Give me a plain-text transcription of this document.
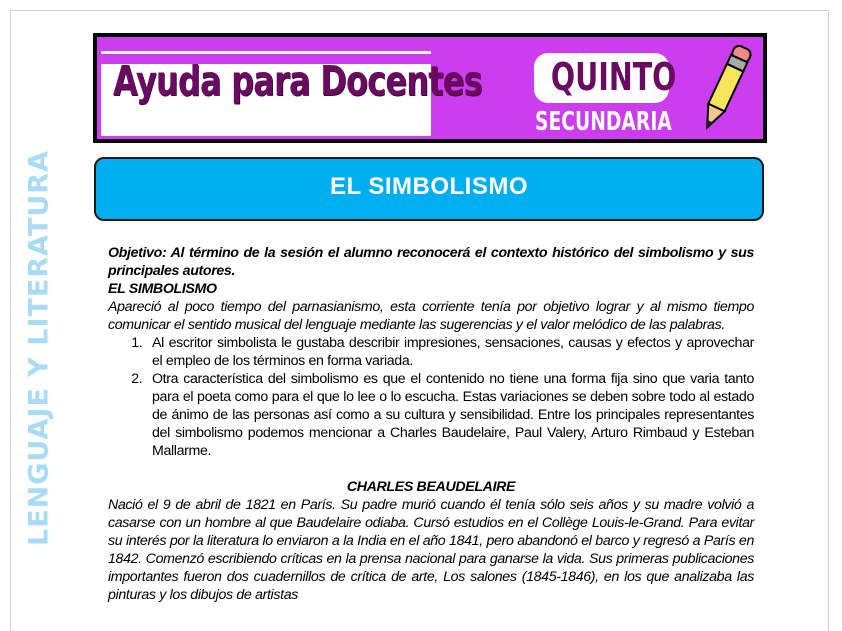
LENGUAJE Y LITERATURA
Ayuda para Docentes QUINTO
SECUNDARIA
EL SIMBOLISMO

Objetivo: Al término de la sesión el alumno reconocerá el contexto histórico del simbolismo y sus principales autores.

EL SIMBOLISMO

Apareció al poco tiempo del parnasianismo, esta corriente tenía por objetivo lograr y al mismo tiempo comunicar el sentido musical del lenguaje mediante las sugerencias y el valor melódico de las palabras.

1. Al escritor simbolista le gustaba describir impresiones, sensaciones, causas y efectos y aprovechar el empleo de los términos en forma variada.
2. Otra característica del simbolismo es que el contenido no tiene una forma fija sino que varia tanto para el poeta como para el que lo lee o lo escucha. Estas variaciones se deben sobre todo al estado de ánimo de las personas así como a su cultura y sensibilidad. Entre los principales representantes del simbolismo podemos mencionar a Charles Baudelaire, Paul Valery, Arturo Rimbaud y Esteban Mallarme.

CHARLES BEAUDELAIRE

Nació el 9 de abril de 1821 en París. Su padre murió cuando él tenía sólo seis años y su madre volvió a casarse con un hombre al que Baudelaire odiaba. Cursó estudios en el Collège Louis-le-Grand. Para evitar su interés por la literatura lo enviaron a la India en el año 1841, pero abandonó el barco y regresó a París en 1842. Comenzó escribiendo críticas en la prensa nacional para ganarse la vida. Sus primeras publicaciones importantes fueron dos cuadernillos de crítica de arte, Los salones (1845-1846), en los que analizaba las pinturas y los dibujos de artistas
